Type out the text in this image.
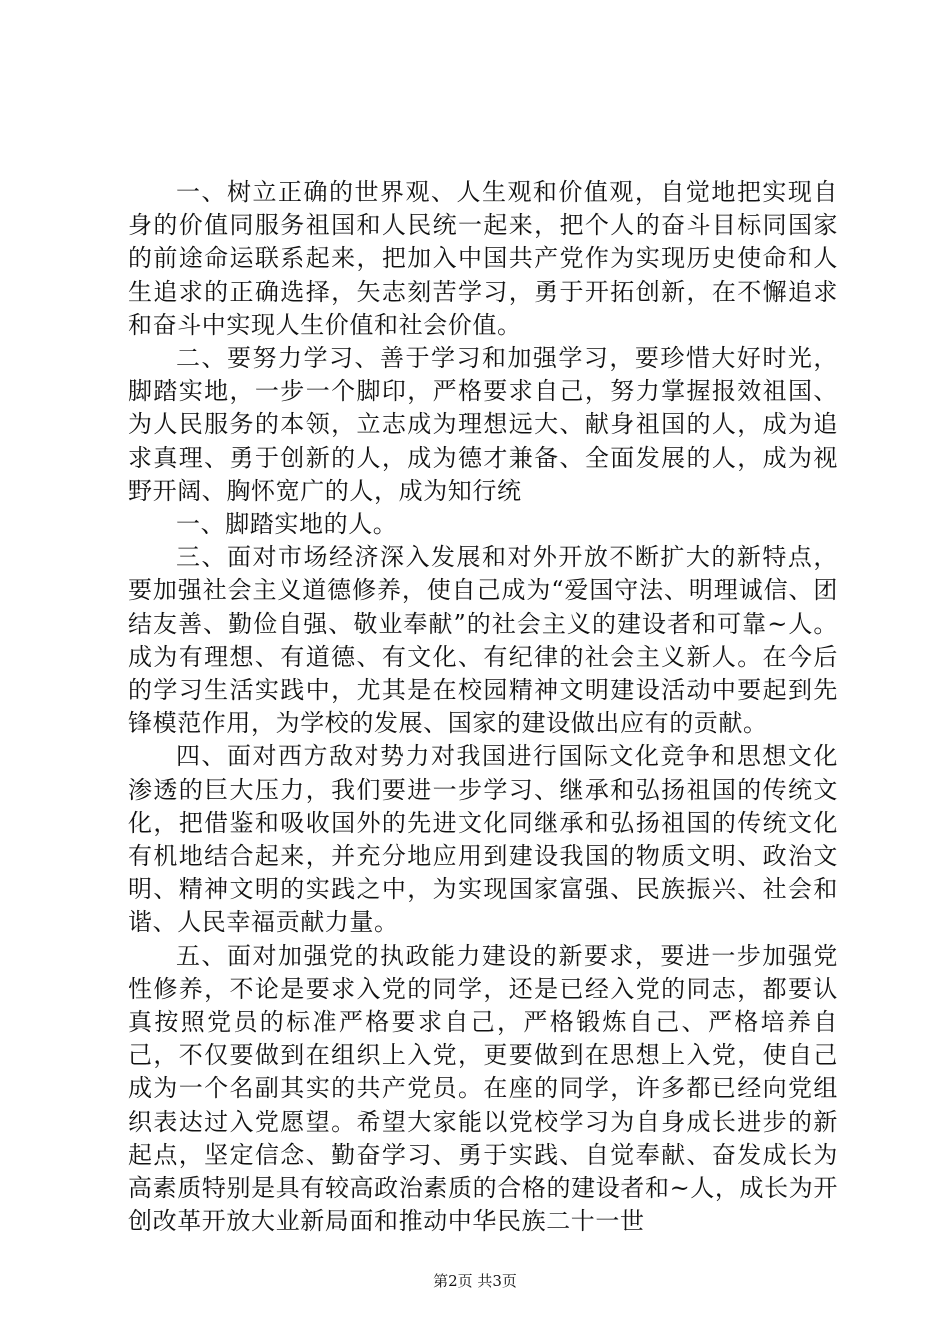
一、树立正确的世界观、人生观和价值观，自觉地把实现自身的价值同服务祖国和人民统一起来，把个人的奋斗目标同国家的前途命运联系起来，把加入中国共产党作为实现历史使命和人生追求的正确选择，矢志刻苦学习，勇于开拓创新，在不懈追求和奋斗中实现人生价值和社会价值。

二、要努力学习、善于学习和加强学习，要珍惜大好时光，脚踏实地，一步一个脚印，严格要求自己，努力掌握报效祖国、为人民服务的本领，立志成为理想远大、献身祖国的人，成为追求真理、勇于创新的人，成为德才兼备、全面发展的人，成为视野开阔、胸怀宽广的人，成为知行统

一、脚踏实地的人。

三、面对市场经济深入发展和对外开放不断扩大的新特点，要加强社会主义道德修养，使自己成为“爱国守法、明理诚信、团结友善、勤俭自强、敬业奉献”的社会主义的建设者和可靠~人。成为有理想、有道德、有文化、有纪律的社会主义新人。在今后的学习生活实践中，尤其是在校园精神文明建设活动中要起到先锋模范作用，为学校的发展、国家的建设做出应有的贡献。

四、面对西方敌对势力对我国进行国际文化竞争和思想文化渗透的巨大压力，我们要进一步学习、继承和弘扬祖国的传统文化，把借鉴和吸收国外的先进文化同继承和弘扬祖国的传统文化有机地结合起来，并充分地应用到建设我国的物质文明、政治文明、精神文明的实践之中，为实现国家富强、民族振兴、社会和谐、人民幸福贡献力量。

五、面对加强党的执政能力建设的新要求，要进一步加强党性修养，不论是要求入党的同学，还是已经入党的同志，都要认真按照党员的标准严格要求自己，严格锻炼自己、严格培养自己，不仅要做到在组织上入党，更要做到在思想上入党，使自己成为一个名副其实的共产党员。在座的同学，许多都已经向党组织表达过入党愿望。希望大家能以党校学习为自身成长进步的新起点，坚定信念、勤奋学习、勇于实践、自觉奉献、奋发成长为高素质特别是具有较高政治素质的合格的建设者和~人，成长为开创改革开放大业新局面和推动中华民族二十一世

第2页 共3页
